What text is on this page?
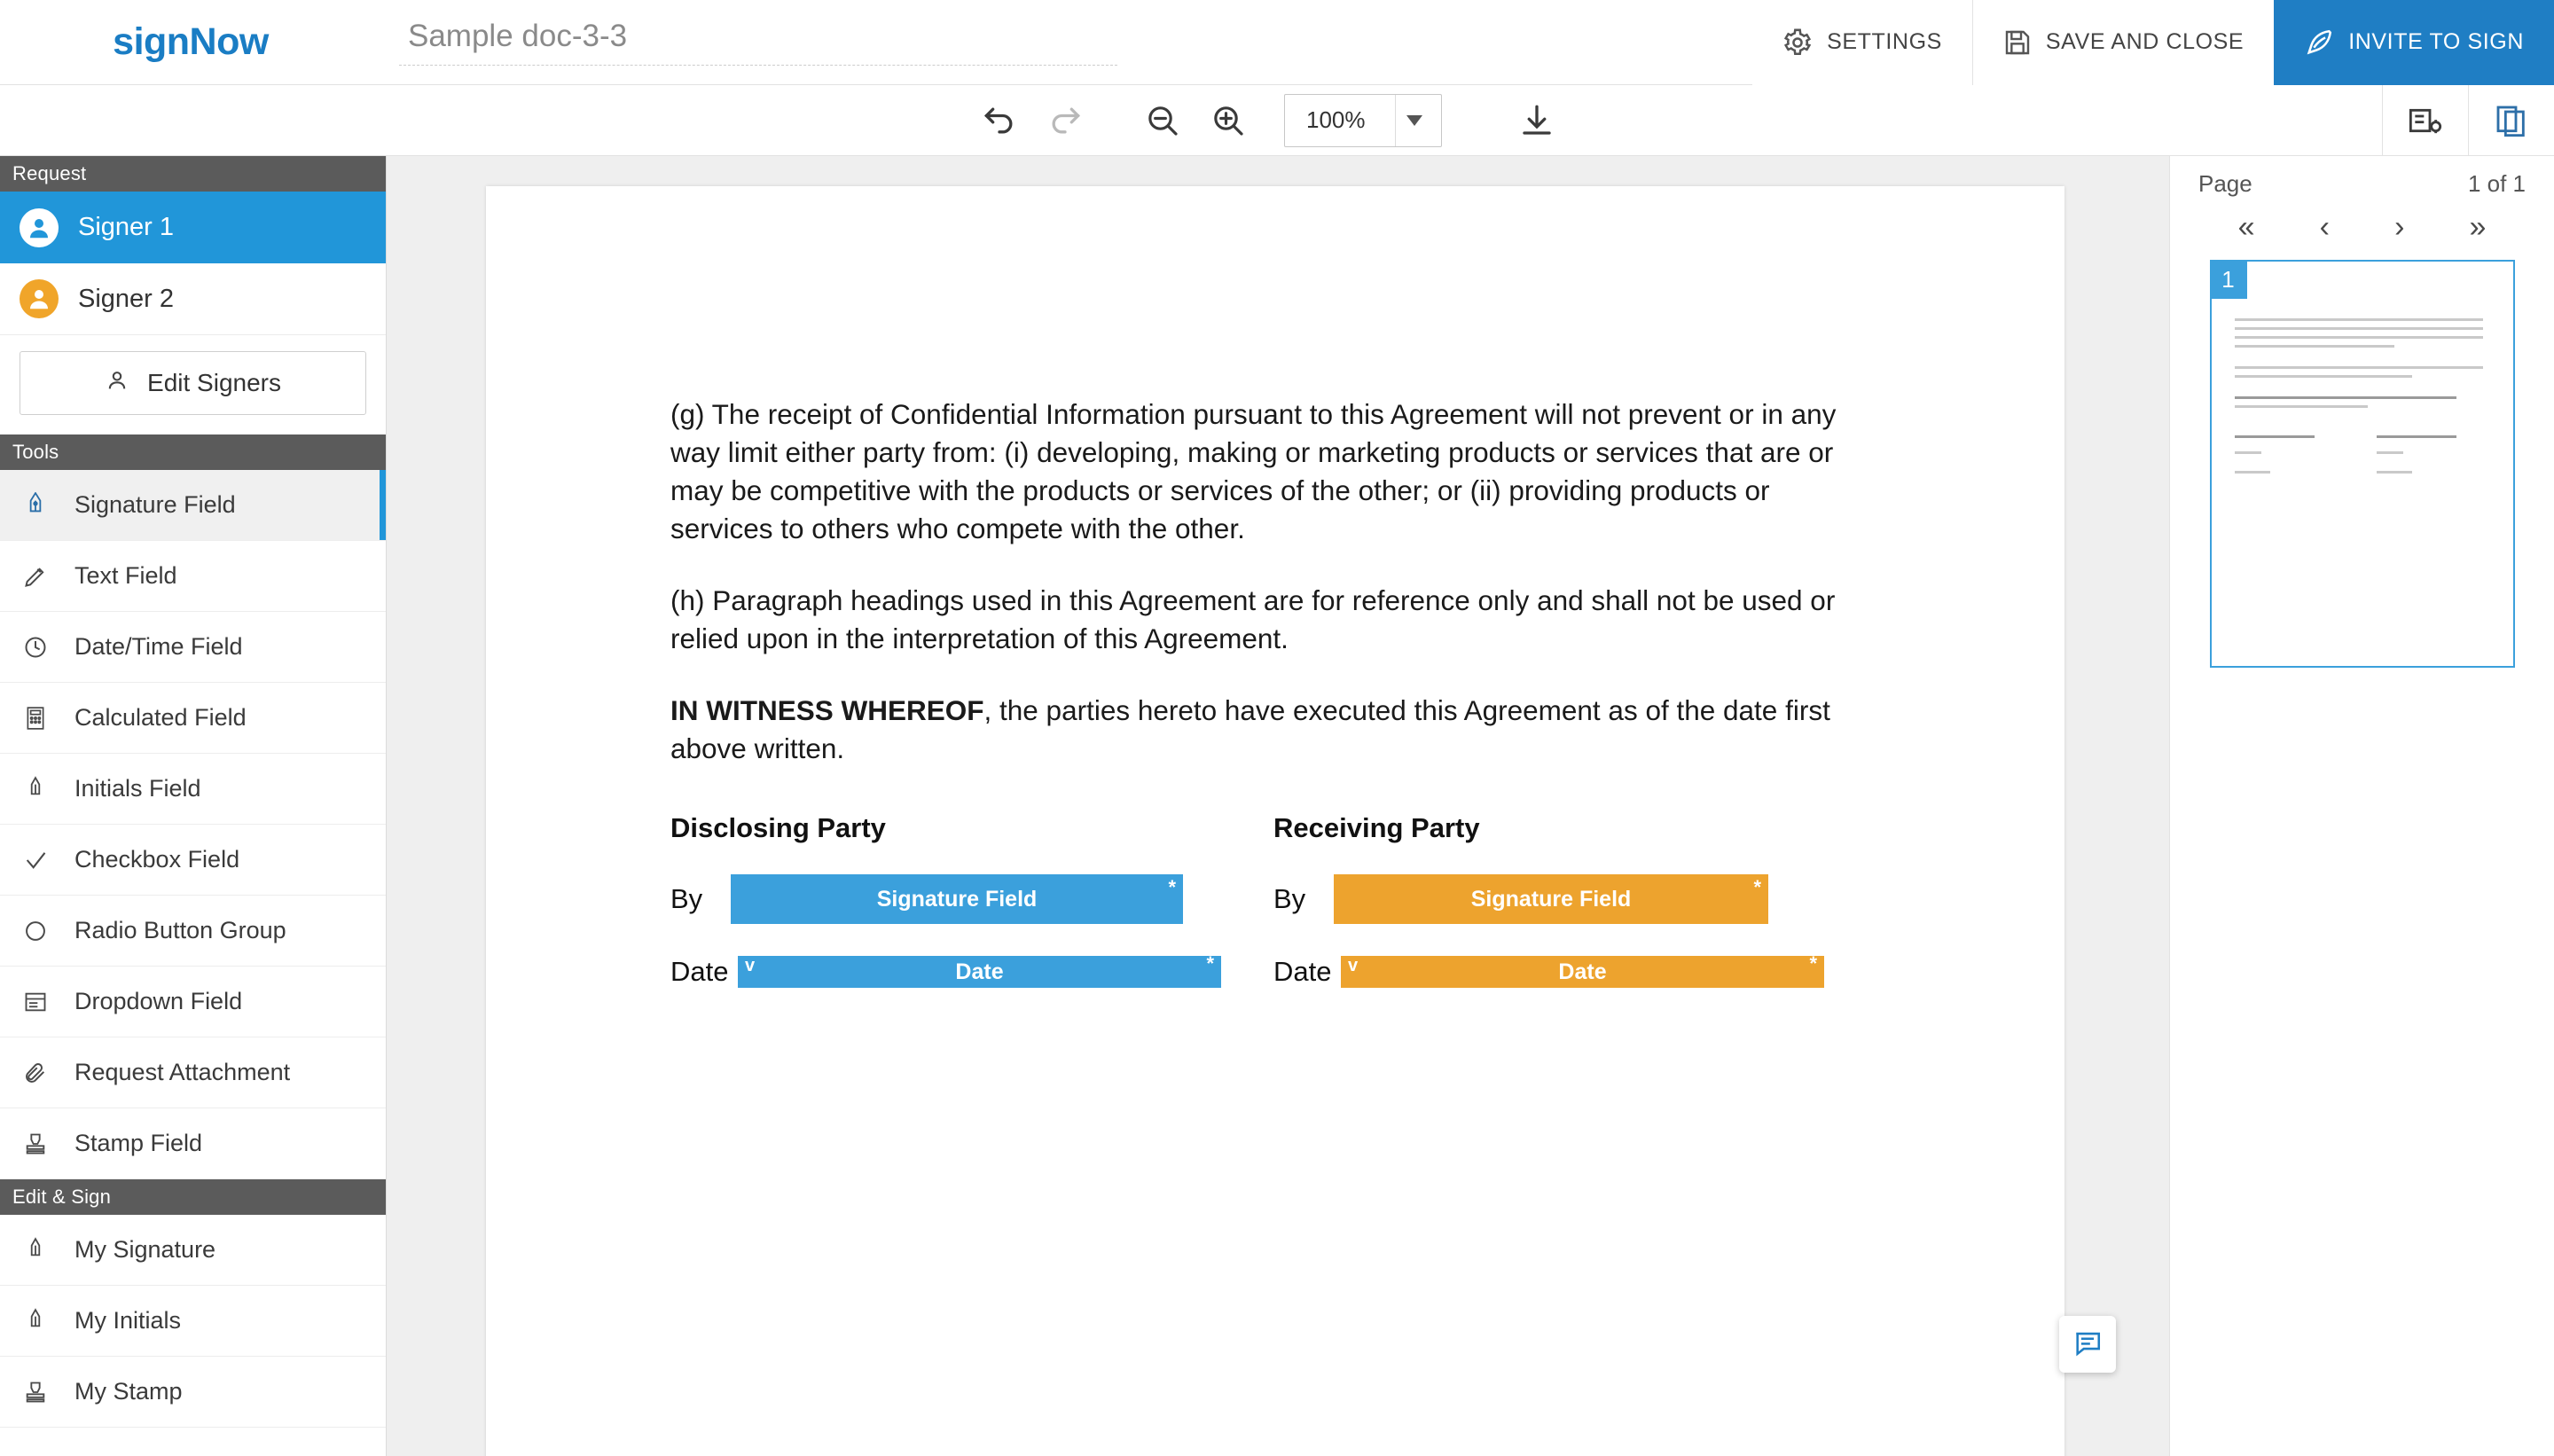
signNow	Sample doc-3-3	SETTINGS	SAVE AND CLOSE	INVITE TO SIGN
100%
Request
Signer 1
Signer 2
Edit Signers
Tools
Signature Field
Text Field
Date/Time Field
Calculated Field
Initials Field
Checkbox Field
Radio Button Group
Dropdown Field
Request Attachment
Stamp Field
Edit & Sign
My Signature
My Initials
My Stamp
(g) The receipt of Confidential Information pursuant to this Agreement will not prevent or in any way limit either party from: (i) developing, making or marketing products or services that are or may be competitive with the products or services of the other; or (ii) providing products or services to others who compete with the other.
(h) Paragraph headings used in this Agreement are for reference only and shall not be used or relied upon in the interpretation of this Agreement.
IN WITNESS WHEREOF, the parties hereto have executed this Agreement as of the date first above written.
Disclosing Party
By	Signature Field	*
Date v	Date	*
Receiving Party
By	Signature Field	*
Date v	Date	*
Page	1 of 1
« ‹ › »
1
